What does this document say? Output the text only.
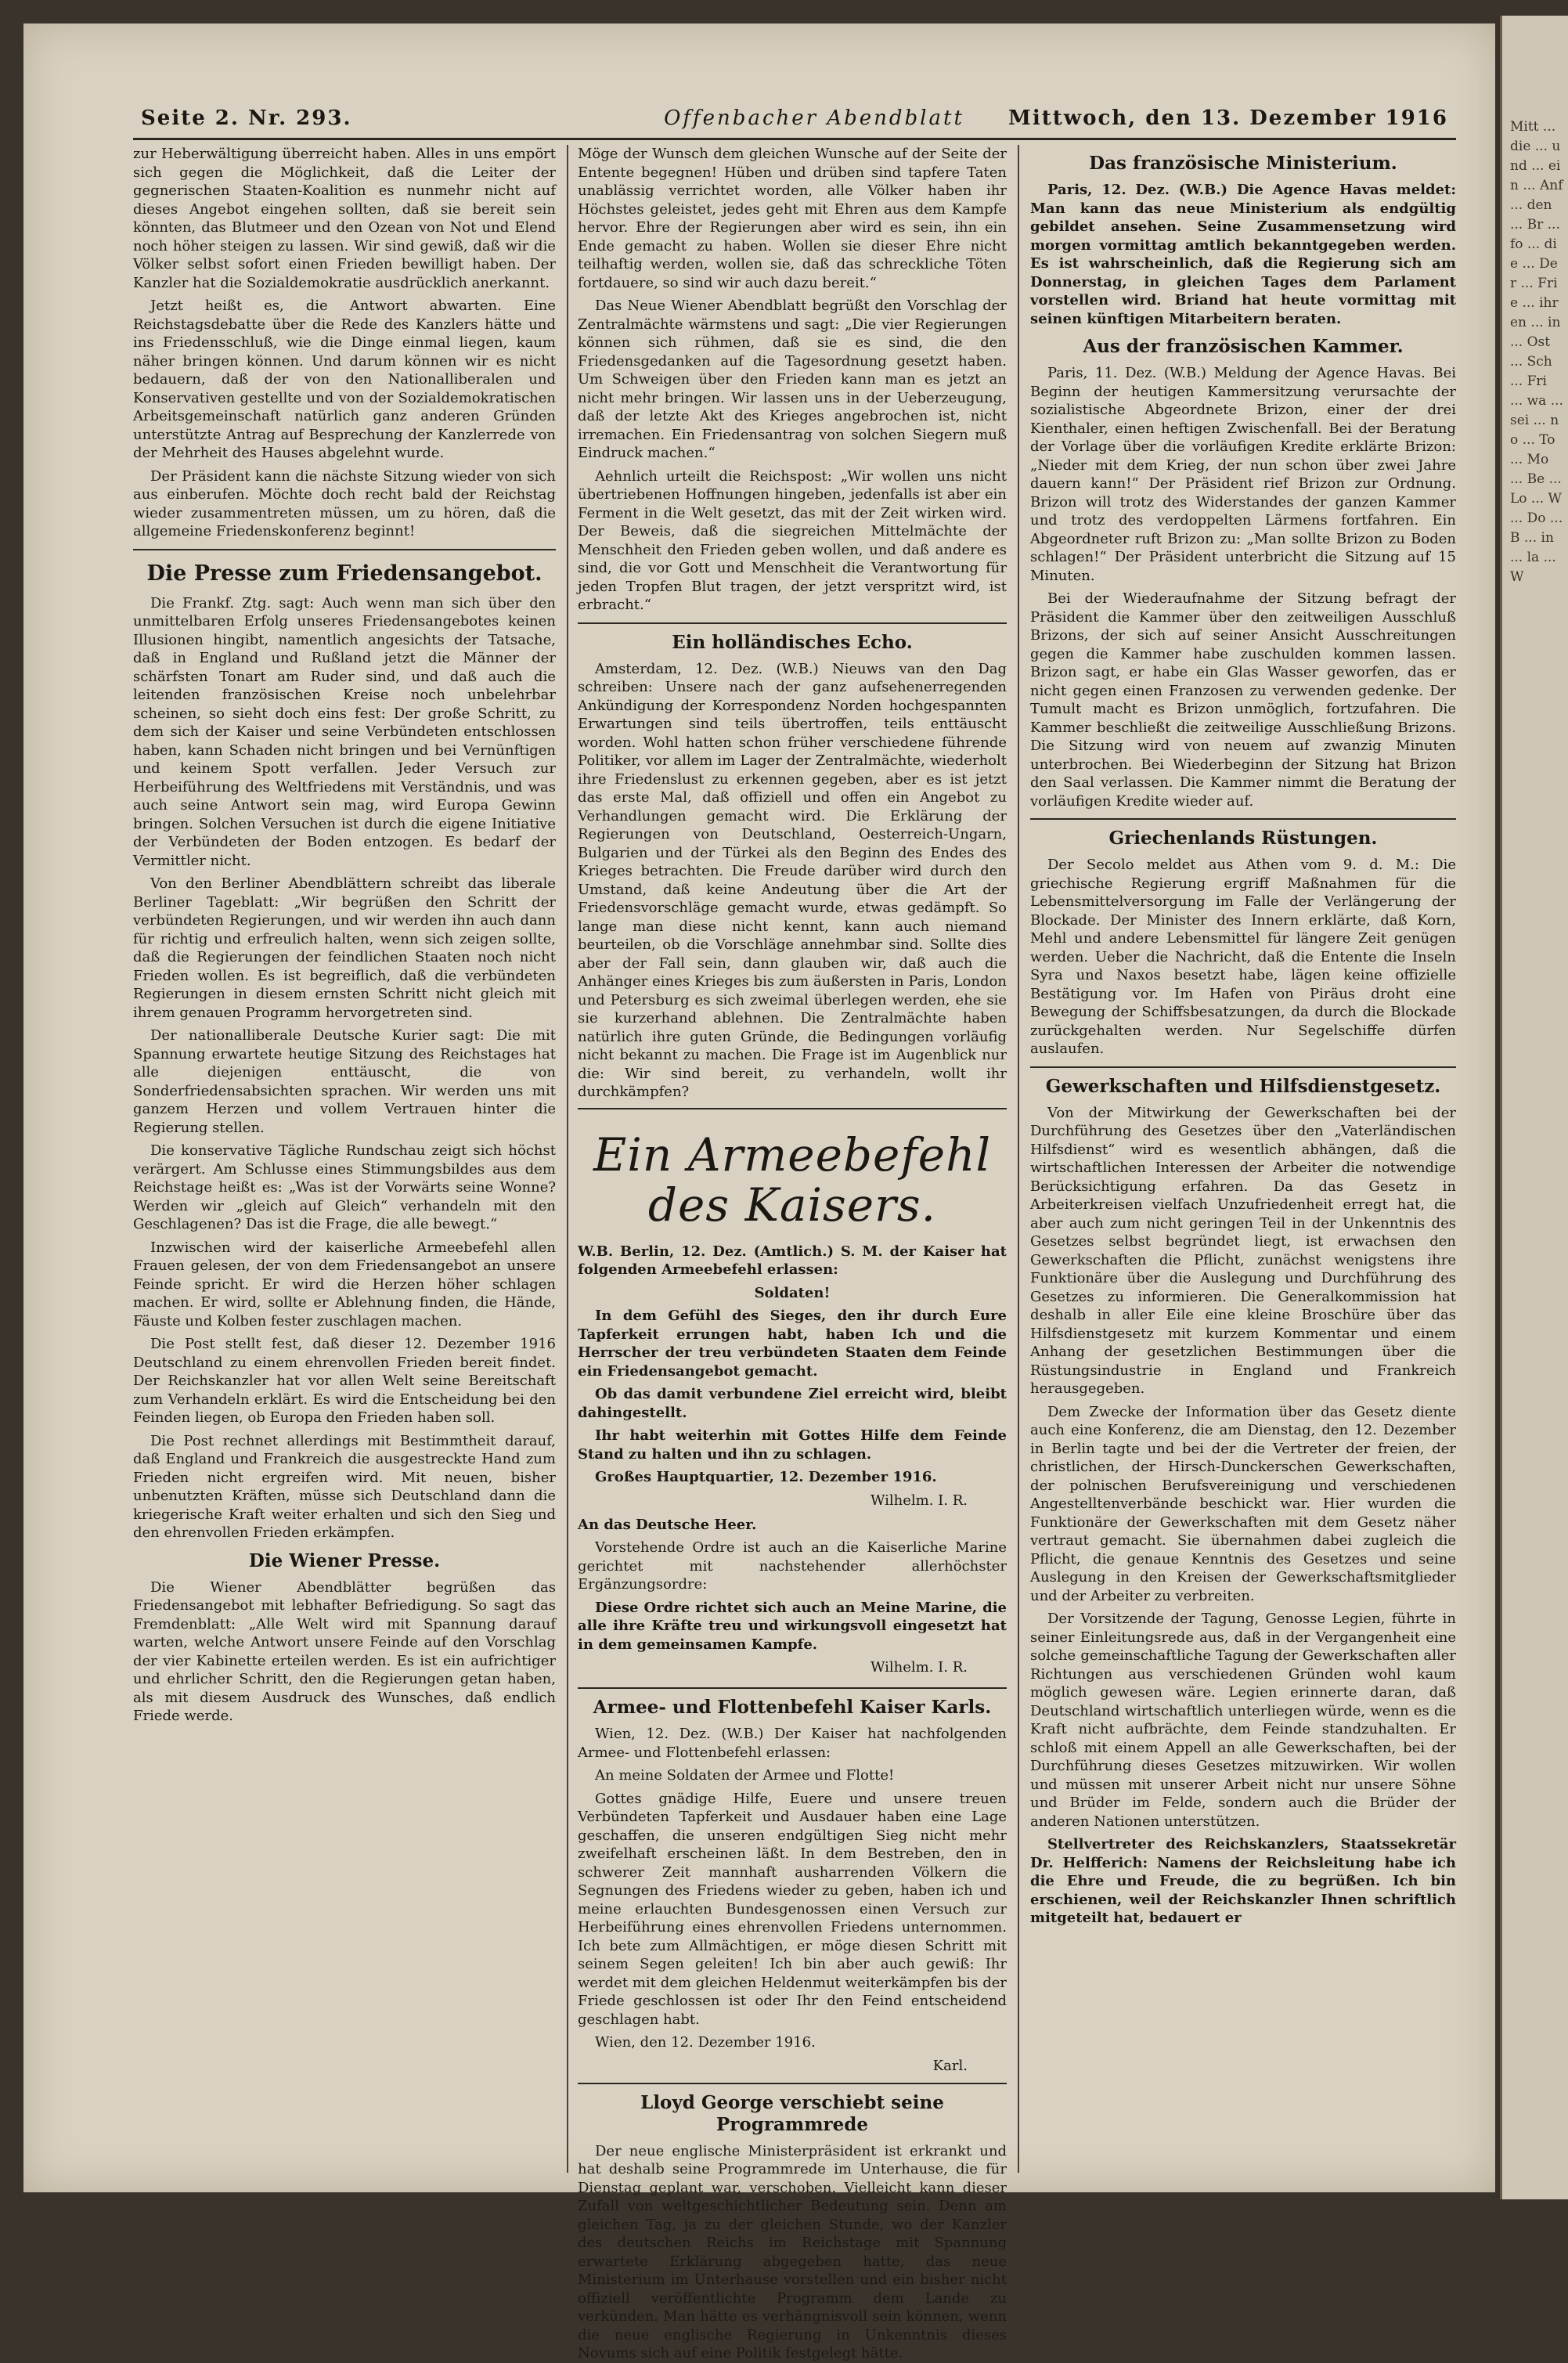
Seite 2. Nr. 293.	Offenbacher Abendblatt	Mittwoch, den 13. Dezember 1916

zur Heberwältigung überreicht haben. Alles in uns empört sich gegen die Möglichkeit, daß die Leiter der gegnerischen Staaten-Koalition es nunmehr nicht auf dieses Angebot eingehen sollten, daß sie bereit sein könnten, das Blutmeer und den Ozean von Not und Elend noch höher steigen zu lassen. Wir sind gewiß, daß wir die Völker selbst sofort einen Frieden bewilligt haben. Der Kanzler hat die Sozialdemokratie ausdrücklich anerkannt.

Jetzt heißt es, die Antwort abwarten. Eine Reichstagsdebatte über die Rede des Kanzlers hätte und ins Friedensschluß, wie die Dinge einmal liegen, kaum näher bringen können. Und darum können wir es nicht bedauern, daß der von den Nationalliberalen und Konservativen gestellte und von der Sozialdemokratischen Arbeitsgemeinschaft natürlich ganz anderen Gründen unterstützte Antrag auf Besprechung der Kanzlerrede von der Mehrheit des Hauses abgelehnt wurde.

Der Präsident kann die nächste Sitzung wieder von sich aus einberufen. Möchte doch recht bald der Reichstag wieder zusammentreten müssen, um zu hören, daß die allgemeine Friedenskonferenz beginnt!

Die Presse zum Friedensangebot.

Die Frankf. Ztg. sagt: Auch wenn man sich über den unmittelbaren Erfolg unseres Friedensangebotes keinen Illusionen hingibt, namentlich angesichts der Tatsache, daß in England und Rußland jetzt die Männer der schärfsten Tonart am Ruder sind, und daß auch die leitenden französischen Kreise noch unbelehrbar scheinen, so sieht doch eins fest: Der große Schritt, zu dem sich der Kaiser und seine Verbündeten entschlossen haben, kann Schaden nicht bringen und bei Vernünftigen und keinem Spott verfallen. Jeder Versuch zur Herbeiführung des Weltfriedens mit Verständnis, und was auch seine Antwort sein mag, wird Europa Gewinn bringen. Solchen Versuchen ist durch die eigene Initiative der Verbündeten der Boden entzogen. Es bedarf der Vermittler nicht.

Von den Berliner Abendblättern schreibt das liberale Berliner Tageblatt: „Wir begrüßen den Schritt der verbündeten Regierungen, und wir werden ihn auch dann für richtig und erfreulich halten, wenn sich zeigen sollte, daß die Regierungen der feindlichen Staaten noch nicht Frieden wollen. Es ist begreiflich, daß die verbündeten Regierungen in diesem ernsten Schritt nicht gleich mit ihrem genauen Programm hervorgetreten sind.

Der nationalliberale Deutsche Kurier sagt: Die mit Spannung erwartete heutige Sitzung des Reichstages hat alle diejenigen enttäuscht, die von Sonderfriedensabsichten sprachen. Wir werden uns mit ganzem Herzen und vollem Vertrauen hinter die Regierung stellen.

Die konservative Tägliche Rundschau zeigt sich höchst verärgert. Am Schlusse eines Stimmungsbildes aus dem Reichstage heißt es: „Was ist der Vorwärts seine Wonne? Werden wir „gleich auf Gleich“ verhandeln mit den Geschlagenen? Das ist die Frage, die alle bewegt.“

Inzwischen wird der kaiserliche Armeebefehl allen Frauen gelesen, der von dem Friedensangebot an unsere Feinde spricht. Er wird die Herzen höher schlagen machen. Er wird, sollte er Ablehnung finden, die Hände, Fäuste und Kolben fester zuschlagen machen.

Die Post stellt fest, daß dieser 12. Dezember 1916 Deutschland zu einem ehrenvollen Frieden bereit findet. Der Reichskanzler hat vor allen Welt seine Bereitschaft zum Verhandeln erklärt. Es wird die Entscheidung bei den Feinden liegen, ob Europa den Frieden haben soll.

Die Post rechnet allerdings mit Bestimmtheit darauf, daß England und Frankreich die ausgestreckte Hand zum Frieden nicht ergreifen wird. Mit neuen, bisher unbenutzten Kräften, müsse sich Deutschland dann die kriegerische Kraft weiter erhalten und sich den Sieg und den ehrenvollen Frieden erkämpfen.

Die Wiener Presse.

Die Wiener Abendblätter begrüßen das Friedensangebot mit lebhafter Befriedigung. So sagt das Fremdenblatt: „Alle Welt wird mit Spannung darauf warten, welche Antwort unsere Feinde auf den Vorschlag der vier Kabinette erteilen werden. Es ist ein aufrichtiger und ehrlicher Schritt, den die Regierungen getan haben, als mit diesem Ausdruck des Wunsches, daß endlich Friede werde.

Möge der Wunsch dem gleichen Wunsche auf der Seite der Entente begegnen! Hüben und drüben sind tapfere Taten unablässig verrichtet worden, alle Völker haben ihr Höchstes geleistet, jedes geht mit Ehren aus dem Kampfe hervor. Ehre der Regierungen aber wird es sein, ihn ein Ende gemacht zu haben. Wollen sie dieser Ehre nicht teilhaftig werden, wollen sie, daß das schreckliche Töten fortdauere, so sind wir auch dazu bereit.“

Das Neue Wiener Abendblatt begrüßt den Vorschlag der Zentralmächte wärmstens und sagt: „Die vier Regierungen können sich rühmen, daß sie es sind, die den Friedensgedanken auf die Tagesordnung gesetzt haben. Um Schweigen über den Frieden kann man es jetzt an nicht mehr bringen. Wir lassen uns in der Ueberzeugung, daß der letzte Akt des Krieges angebrochen ist, nicht irremachen. Ein Friedensantrag von solchen Siegern muß Eindruck machen.“

Aehnlich urteilt die Reichspost: „Wir wollen uns nicht übertriebenen Hoffnungen hingeben, jedenfalls ist aber ein Ferment in die Welt gesetzt, das mit der Zeit wirken wird. Der Beweis, daß die siegreichen Mittelmächte der Menschheit den Frieden geben wollen, und daß andere es sind, die vor Gott und Menschheit die Verantwortung für jeden Tropfen Blut tragen, der jetzt verspritzt wird, ist erbracht.“

Ein holländisches Echo.

Amsterdam, 12. Dez. (W.B.) Nieuws van den Dag schreiben: Unsere nach der ganz aufsehenerregenden Ankündigung der Korrespondenz Norden hochgespannten Erwartungen sind teils übertroffen, teils enttäuscht worden. Wohl hatten schon früher verschiedene führende Politiker, vor allem im Lager der Zentralmächte, wiederholt ihre Friedenslust zu erkennen gegeben, aber es ist jetzt das erste Mal, daß offiziell und offen ein Angebot zu Verhandlungen gemacht wird. Die Erklärung der Regierungen von Deutschland, Oesterreich-Ungarn, Bulgarien und der Türkei als den Beginn des Endes des Krieges betrachten. Die Freude darüber wird durch den Umstand, daß keine Andeutung über die Art der Friedensvorschläge gemacht wurde, etwas gedämpft. So lange man diese nicht kennt, kann auch niemand beurteilen, ob die Vorschläge annehmbar sind. Sollte dies aber der Fall sein, dann glauben wir, daß auch die Anhänger eines Krieges bis zum äußersten in Paris, London und Petersburg es sich zweimal überlegen werden, ehe sie sie kurzerhand ablehnen. Die Zentralmächte haben natürlich ihre guten Gründe, die Bedingungen vorläufig nicht bekannt zu machen. Die Frage ist im Augenblick nur die: Wir sind bereit, zu verhandeln, wollt ihr durchkämpfen?

Ein Armeebefehl des Kaisers.

W.B. Berlin, 12. Dez. (Amtlich.) S. M. der Kaiser hat folgenden Armeebefehl erlassen:

Soldaten!

In dem Gefühl des Sieges, den ihr durch Eure Tapferkeit errungen habt, haben Ich und die Herrscher der treu verbündeten Staaten dem Feinde ein Friedensangebot gemacht.

Ob das damit verbundene Ziel erreicht wird, bleibt dahingestellt.

Ihr habt weiterhin mit Gottes Hilfe dem Feinde Stand zu halten und ihn zu schlagen.

Großes Hauptquartier, 12. Dezember 1916.

Wilhelm. I. R.

An das Deutsche Heer.

Vorstehende Ordre ist auch an die Kaiserliche Marine gerichtet mit nachstehender allerhöchster Ergänzungsordre:

Diese Ordre richtet sich auch an Meine Marine, die alle ihre Kräfte treu und wirkungsvoll eingesetzt hat in dem gemeinsamen Kampfe.

Wilhelm. I. R.
Armee- und Flottenbefehl Kaiser Karls.

Wien, 12. Dez. (W.B.) Der Kaiser hat nachfolgenden Armee- und Flottenbefehl erlassen:

An meine Soldaten der Armee und Flotte!

Gottes gnädige Hilfe, Euere und unsere treuen Verbündeten Tapferkeit und Ausdauer haben eine Lage geschaffen, die unseren endgültigen Sieg nicht mehr zweifelhaft erscheinen läßt. In dem Bestreben, den in schwerer Zeit mannhaft ausharrenden Völkern die Segnungen des Friedens wieder zu geben, haben ich und meine erlauchten Bundesgenossen einen Versuch zur Herbeiführung eines ehrenvollen Friedens unternommen. Ich bete zum Allmächtigen, er möge diesen Schritt mit seinem Segen geleiten! Ich bin aber auch gewiß: Ihr werdet mit dem gleichen Heldenmut weiterkämpfen bis der Friede geschlossen ist oder Ihr den Feind entscheidend geschlagen habt.

Wien, den 12. Dezember 1916.

Karl.
Lloyd George verschiebt seine Programmrede

Der neue englische Ministerpräsident ist erkrankt und hat deshalb seine Programmrede im Unterhause, die für Dienstag geplant war, verschoben. Vielleicht kann dieser Zufall von weltgeschichtlicher Bedeutung sein. Denn am gleichen Tag, ja zu der gleichen Stunde, wo der Kanzler des deutschen Reichs im Reichstage mit Spannung erwartete Erklärung abgegeben hatte, das neue Ministerium im Unterhause vorstellen und ein bisher nicht offiziell veröffentlichte Programm dem Lande zu verkünden. Man hätte es verhängnisvoll sein können, wenn die neue englische Regierung in Unkenntnis dieses Novums sich auf eine Politik festgelegt hätte.

Das französische Ministerium.

Paris, 12. Dez. (W.B.) Die Agence Havas meldet: Man kann das neue Ministerium als endgültig gebildet ansehen. Seine Zusammensetzung wird morgen vormittag amtlich bekanntgegeben werden. Es ist wahrscheinlich, daß die Regierung sich am Donnerstag, in gleichen Tages dem Parlament vorstellen wird. Briand hat heute vormittag mit seinen künftigen Mitarbeitern beraten.

Aus der französischen Kammer.

Paris, 11. Dez. (W.B.) Meldung der Agence Havas. Bei Beginn der heutigen Kammersitzung verursachte der sozialistische Abgeordnete Brizon, einer der drei Kienthaler, einen heftigen Zwischenfall. Bei der Beratung der Vorlage über die vorläufigen Kredite erklärte Brizon: „Nieder mit dem Krieg, der nun schon über zwei Jahre dauern kann!“ Der Präsident rief Brizon zur Ordnung. Brizon will trotz des Widerstandes der ganzen Kammer und trotz des verdoppelten Lärmens fortfahren. Ein Abgeordneter ruft Brizon zu: „Man sollte Brizon zu Boden schlagen!“ Der Präsident unterbricht die Sitzung auf 15 Minuten.

Bei der Wiederaufnahme der Sitzung befragt der Präsident die Kammer über den zeitweiligen Ausschluß Brizons, der sich auf seiner Ansicht Ausschreitungen gegen die Kammer habe zuschulden kommen lassen. Brizon sagt, er habe ein Glas Wasser geworfen, das er nicht gegen einen Franzosen zu verwenden gedenke. Der Tumult macht es Brizon unmöglich, fortzufahren. Die Kammer beschließt die zeitweilige Ausschließung Brizons. Die Sitzung wird von neuem auf zwanzig Minuten unterbrochen. Bei Wiederbeginn der Sitzung hat Brizon den Saal verlassen. Die Kammer nimmt die Beratung der vorläufigen Kredite wieder auf.

Griechenlands Rüstungen.

Der Secolo meldet aus Athen vom 9. d. M.: Die griechische Regierung ergriff Maßnahmen für die Lebensmittelversorgung im Falle der Verlängerung der Blockade. Der Minister des Innern erklärte, daß Korn, Mehl und andere Lebensmittel für längere Zeit genügen werden. Ueber die Nachricht, daß die Entente die Inseln Syra und Naxos besetzt habe, lägen keine offizielle Bestätigung vor. Im Hafen von Piräus droht eine Bewegung der Schiffsbesatzungen, da durch die Blockade zurückgehalten werden. Nur Segelschiffe dürfen auslaufen.

Gewerkschaften und Hilfsdienstgesetz.

Von der Mitwirkung der Gewerkschaften bei der Durchführung des Gesetzes über den „Vaterländischen Hilfsdienst“ wird es wesentlich abhängen, daß die wirtschaftlichen Interessen der Arbeiter die notwendige Berücksichtigung erfahren. Da das Gesetz in Arbeiterkreisen vielfach Unzufriedenheit erregt hat, die aber auch zum nicht geringen Teil in der Unkenntnis des Gesetzes selbst begründet liegt, ist erwachsen den Gewerkschaften die Pflicht, zunächst wenigstens ihre Funktionäre über die Auslegung und Durchführung des Gesetzes zu informieren. Die Generalkommission hat deshalb in aller Eile eine kleine Broschüre über das Hilfsdienstgesetz mit kurzem Kommentar und einem Anhang der gesetzlichen Bestimmungen über die Rüstungsindustrie in England und Frankreich herausgegeben.

Dem Zwecke der Information über das Gesetz diente auch eine Konferenz, die am Dienstag, den 12. Dezember in Berlin tagte und bei der die Vertreter der freien, der christlichen, der Hirsch-Dunckerschen Gewerkschaften, der polnischen Berufsvereinigung und verschiedenen Angestelltenverbände beschickt war. Hier wurden die Funktionäre der Gewerkschaften mit dem Gesetz näher vertraut gemacht. Sie übernahmen dabei zugleich die Pflicht, die genaue Kenntnis des Gesetzes und seine Auslegung in den Kreisen der Gewerkschaftsmitglieder und der Arbeiter zu verbreiten.

Der Vorsitzende der Tagung, Genosse Legien, führte in seiner Einleitungsrede aus, daß in der Vergangenheit eine solche gemeinschaftliche Tagung der Gewerkschaften aller Richtungen aus verschiedenen Gründen wohl kaum möglich gewesen wäre. Legien erinnerte daran, daß Deutschland wirtschaftlich unterliegen würde, wenn es die Kraft nicht aufbrächte, dem Feinde standzuhalten. Er schloß mit einem Appell an alle Gewerkschaften, bei der Durchführung dieses Gesetzes mitzuwirken. Wir wollen und müssen mit unserer Arbeit nicht nur unsere Söhne und Brüder im Felde, sondern auch die Brüder der anderen Nationen unterstützen.

Stellvertreter des Reichskanzlers, Staatssekretär Dr. Helfferich: Namens der Reichsleitung habe ich die Ehre und Freude, die zu begrüßen. Ich bin erschienen, weil der Reichskanzler Ihnen schriftlich mitgeteilt hat, bedauert er

Mitt ... die ... und ... ein ... Anf ... den ... Br ... fo ... die ... Der ... Frie ... ihren ... in ... Ost ... Sch ... Fri ... wa ... sei ... no ... To ... Mo ... Be ... Lo ... W ... Do ... B ... in ... la ... W
